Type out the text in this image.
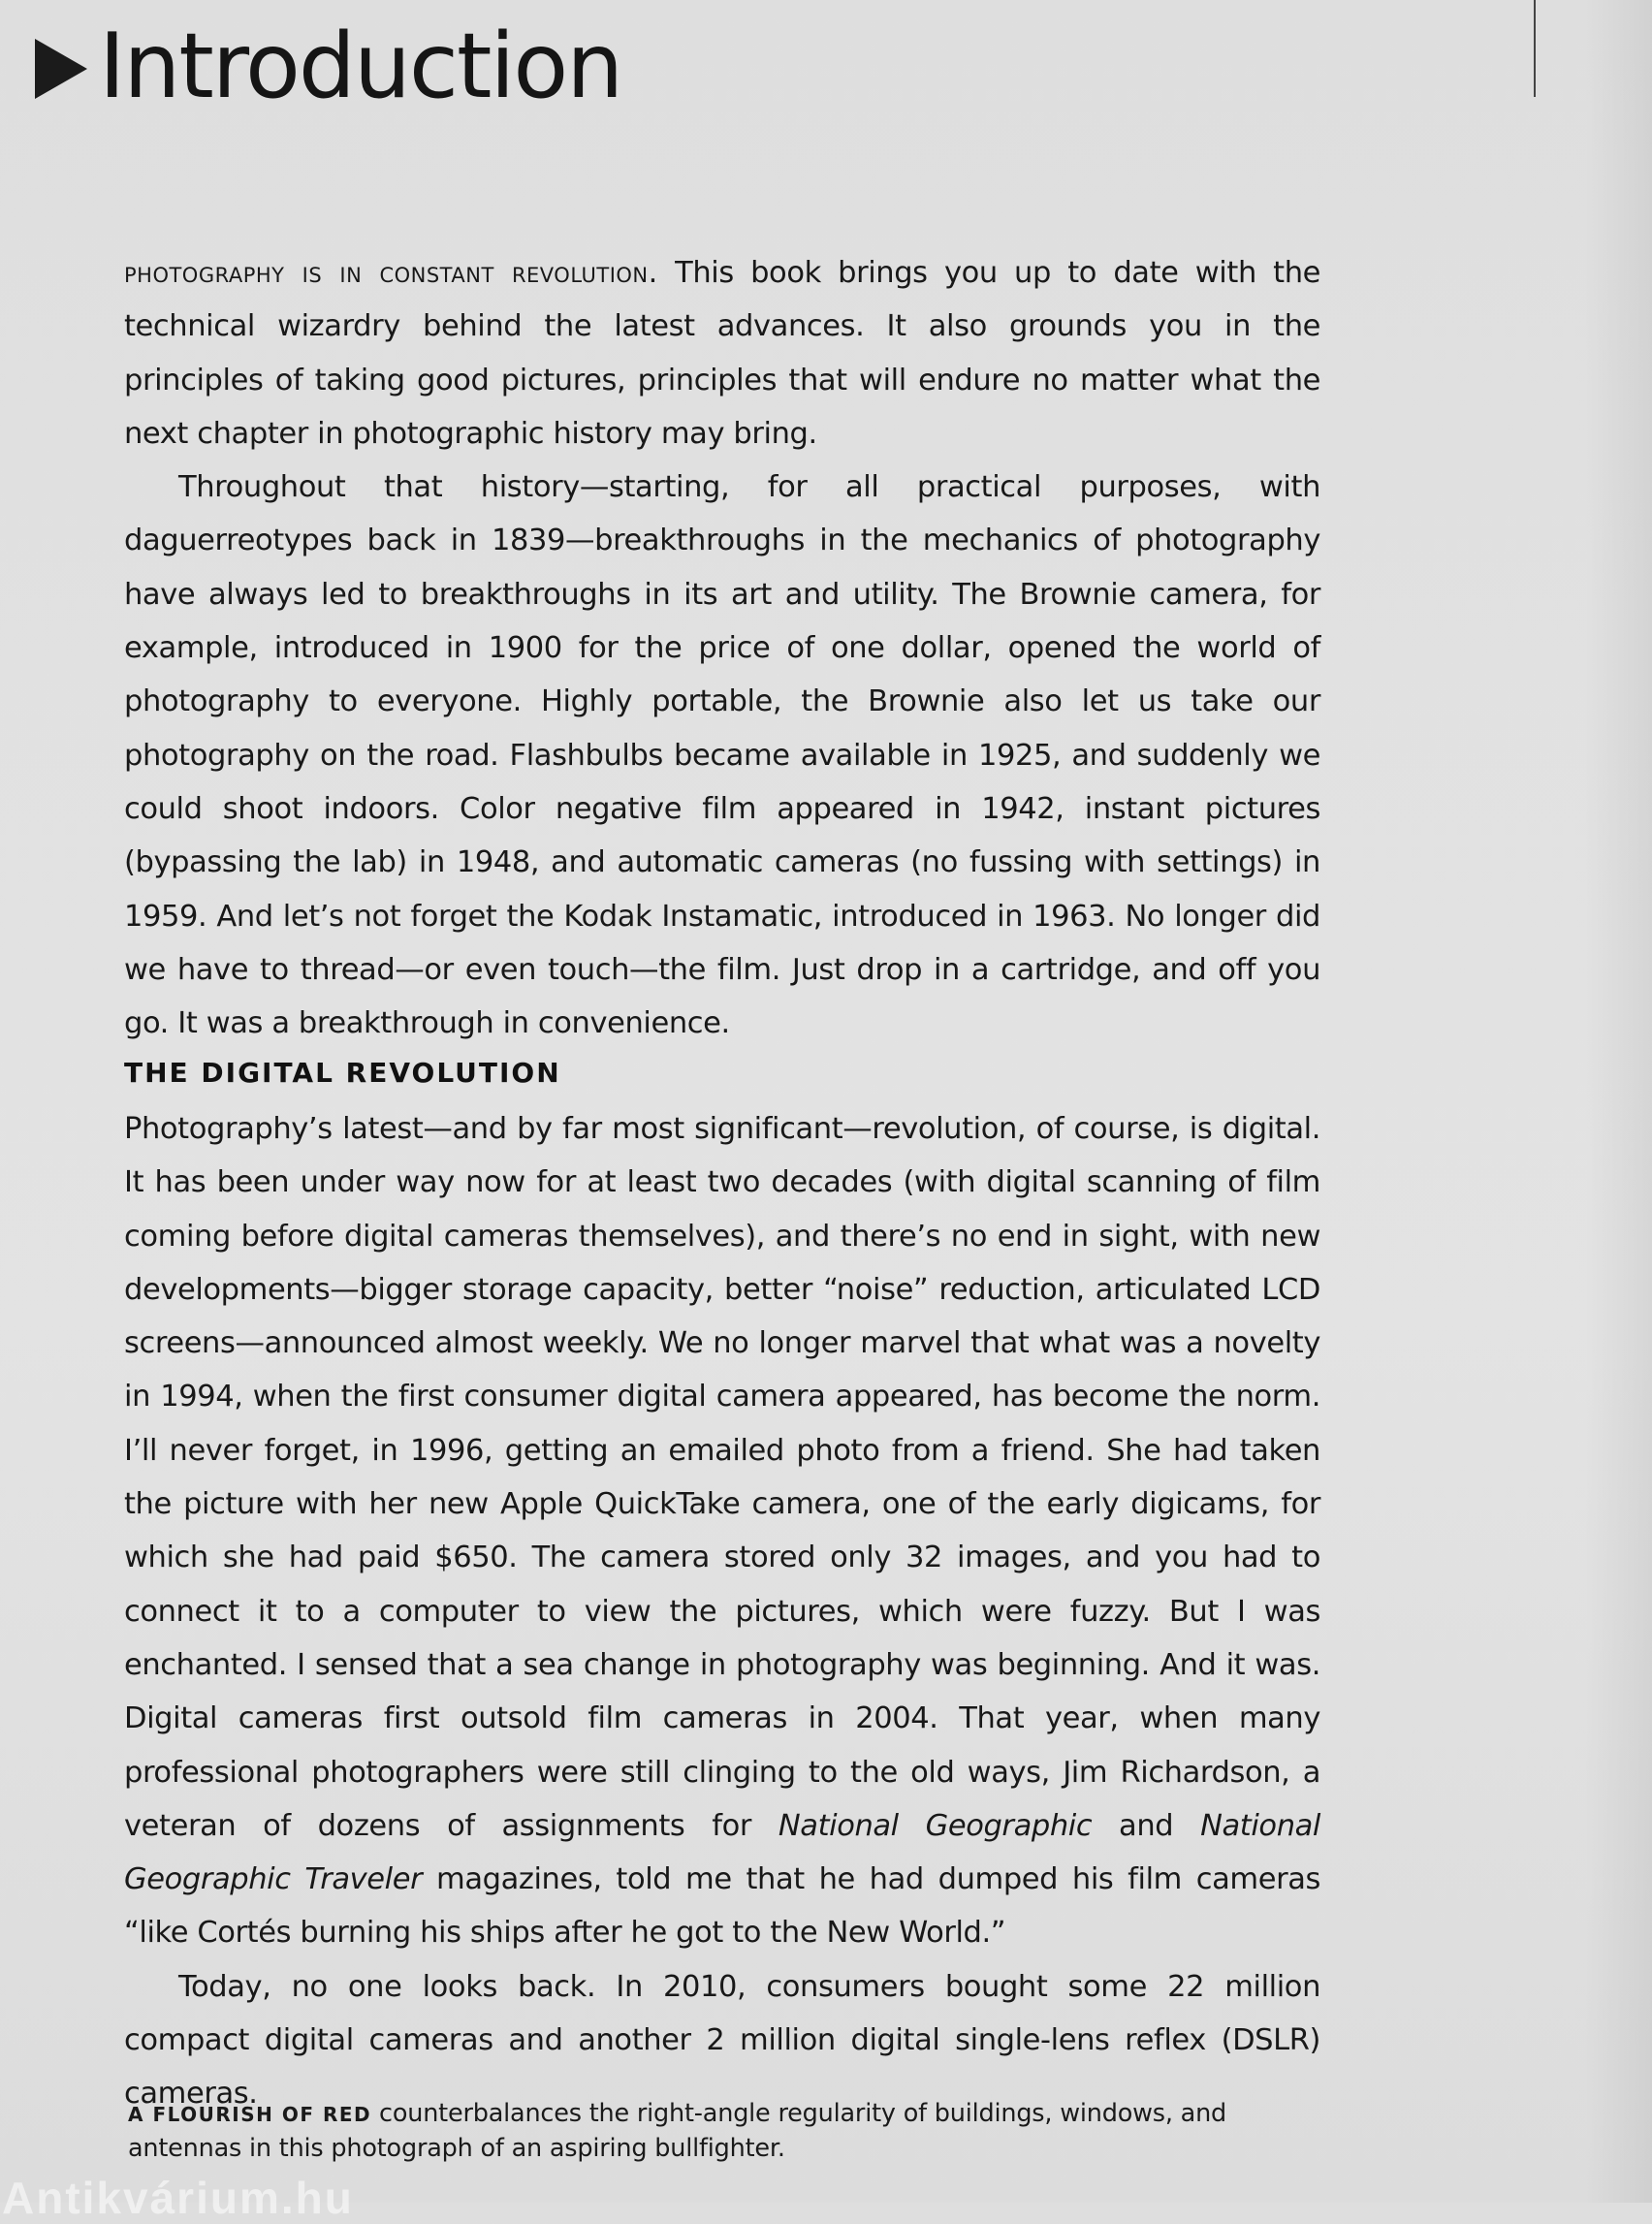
Introduction

photography is in constant revolution. This book brings you up to date with the technical wizardry behind the latest advances. It also grounds you in the principles of taking good pictures, principles that will endure no matter what the next chapter in photographic history may bring.

Throughout that history—starting, for all practical purposes, with daguerreotypes back in 1839—breakthroughs in the mechanics of photography have always led to breakthroughs in its art and utility. The Brownie camera, for example, introduced in 1900 for the price of one dollar, opened the world of photography to everyone. Highly portable, the Brownie also let us take our photography on the road. Flashbulbs became available in 1925, and suddenly we could shoot indoors. Color negative film appeared in 1942, instant pictures (bypassing the lab) in 1948, and automatic cameras (no fussing with settings) in 1959. And let’s not forget the Kodak Instamatic, introduced in 1963. No longer did we have to thread—or even touch—the film. Just drop in a cartridge, and off you go. It was a breakthrough in convenience.

THE DIGITAL REVOLUTION

Photography’s latest—and by far most significant—revolution, of course, is digital. It has been under way now for at least two decades (with digital scanning of film coming before digital cameras themselves), and there’s no end in sight, with new developments—bigger storage capacity, better “noise” reduction, articulated LCD screens—announced almost weekly. We no longer marvel that what was a novelty in 1994, when the first consumer digital camera appeared, has become the norm. I’ll never forget, in 1996, getting an emailed photo from a friend. She had taken the picture with her new Apple QuickTake camera, one of the early digicams, for which she had paid $650. The camera stored only 32 images, and you had to connect it to a computer to view the pictures, which were fuzzy. But I was enchanted. I sensed that a sea change in photography was beginning. And it was. Digital cameras first outsold film cameras in 2004. That year, when many professional photographers were still clinging to the old ways, Jim Richardson, a veteran of dozens of assignments for National Geographic and National Geographic Traveler magazines, told me that he had dumped his film cameras “like Cortés burning his ships after he got to the New World.”

Today, no one looks back. In 2010, consumers bought some 22 million compact digital cameras and another 2 million digital single-lens reflex (DSLR) cameras.

A FLOURISH OF RED counterbalances the right-angle regularity of buildings, windows, and antennas in this photograph of an aspiring bullfighter.
Antikvárium.hu
